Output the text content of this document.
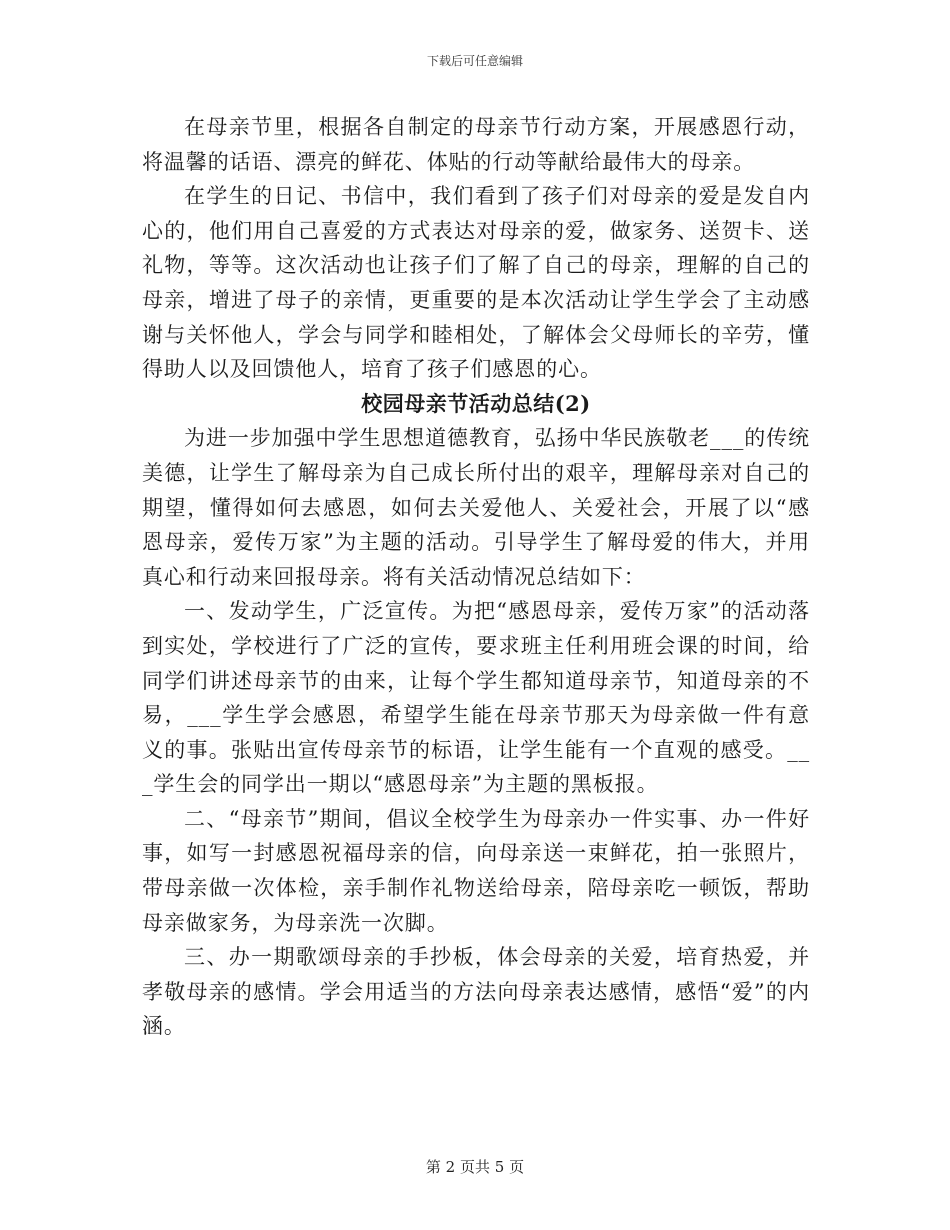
下载后可任意编辑

在母亲节里，根据各自制定的母亲节行动方案，开展感恩行动，将温馨的话语、漂亮的鲜花、体贴的行动等献给最伟大的母亲。

在学生的日记、书信中，我们看到了孩子们对母亲的爱是发自内心的，他们用自己喜爱的方式表达对母亲的爱，做家务、送贺卡、送礼物，等等。这次活动也让孩子们了解了自己的母亲，理解的自己的母亲，增进了母子的亲情，更重要的是本次活动让学生学会了主动感谢与关怀他人，学会与同学和睦相处，了解体会父母师长的辛劳，懂得助人以及回馈他人，培育了孩子们感恩的心。

校园母亲节活动总结(2)

为进一步加强中学生思想道德教育，弘扬中华民族敬老___的传统美德，让学生了解母亲为自己成长所付出的艰辛，理解母亲对自己的期望，懂得如何去感恩，如何去关爱他人、关爱社会，开展了以“感恩母亲，爱传万家”为主题的活动。引导学生了解母爱的伟大，并用真心和行动来回报母亲。将有关活动情况总结如下：

一、发动学生，广泛宣传。为把“感恩母亲，爱传万家”的活动落到实处，学校进行了广泛的宣传，要求班主任利用班会课的时间，给同学们讲述母亲节的由来，让每个学生都知道母亲节，知道母亲的不易，___学生学会感恩，希望学生能在母亲节那天为母亲做一件有意义的事。张贴出宣传母亲节的标语，让学生能有一个直观的感受。___学生会的同学出一期以“感恩母亲”为主题的黑板报。

二、“母亲节”期间，倡议全校学生为母亲办一件实事、办一件好事，如写一封感恩祝福母亲的信，向母亲送一束鲜花，拍一张照片，带母亲做一次体检，亲手制作礼物送给母亲，陪母亲吃一顿饭，帮助母亲做家务，为母亲洗一次脚。

三、办一期歌颂母亲的手抄板，体会母亲的关爱，培育热爱，并孝敬母亲的感情。学会用适当的方法向母亲表达感情，感悟“爱”的内涵。

第 2 页共 5 页
